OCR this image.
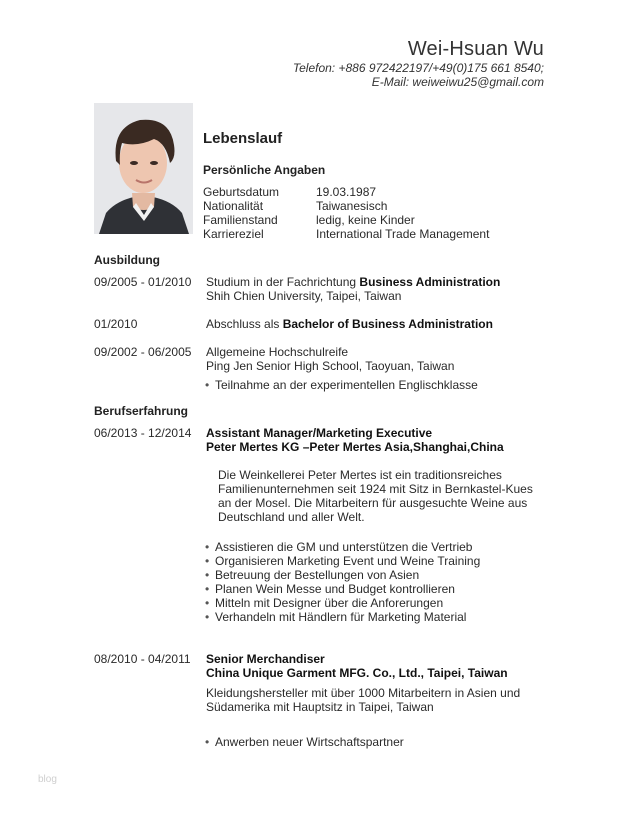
Wei-Hsuan Wu
Telefon: +886 972422197/+49(0)175 661 8540;
E-Mail: weiweiwu25@gmail.com
Lebenslauf
Persönliche Angaben
Geburtsdatum	19.03.1987
Nationalität	Taiwanesisch
Familienstand	ledig, keine Kinder
Karriereziel	International Trade Management
Ausbildung
09/2005 - 01/2010 Studium in der Fachrichtung Business Administration
Shih Chien University, Taipei, Taiwan
01/2010	Abschluss als Bachelor of Business Administration
09/2002 - 06/2005 Allgemeine Hochschulreife
Ping Jen Senior High School, Taoyuan, Taiwan
• Teilnahme an der experimentellen Englischklasse
Berufserfahrung
06/2013 - 12/2014 Assistant Manager/Marketing Executive
Peter Mertes KG –Peter Mertes Asia,Shanghai,China
Die Weinkellerei Peter Mertes ist ein traditionsreiches
Familienunternehmen seit 1924 mit Sitz in Bernkastel-Kues
an der Mosel. Die Mitarbeitern für ausgesuchte Weine aus
Deutschland und aller Welt.
• Assistieren die GM und unterstützen die Vertrieb
• Organisieren Marketing Event und Weine Training
• Betreuung der Bestellungen von Asien
• Planen Wein Messe und Budget kontrollieren
• Mitteln mit Designer über die Anforerungen
• Verhandeln mit Händlern für Marketing Material
08/2010 - 04/2011 Senior Merchandiser
China Unique Garment MFG. Co., Ltd., Taipei, Taiwan
Kleidungshersteller mit über 1000 Mitarbeitern in Asien und
Südamerika mit Hauptsitz in Taipei, Taiwan
• Anwerben neuer Wirtschaftspartner
blog
